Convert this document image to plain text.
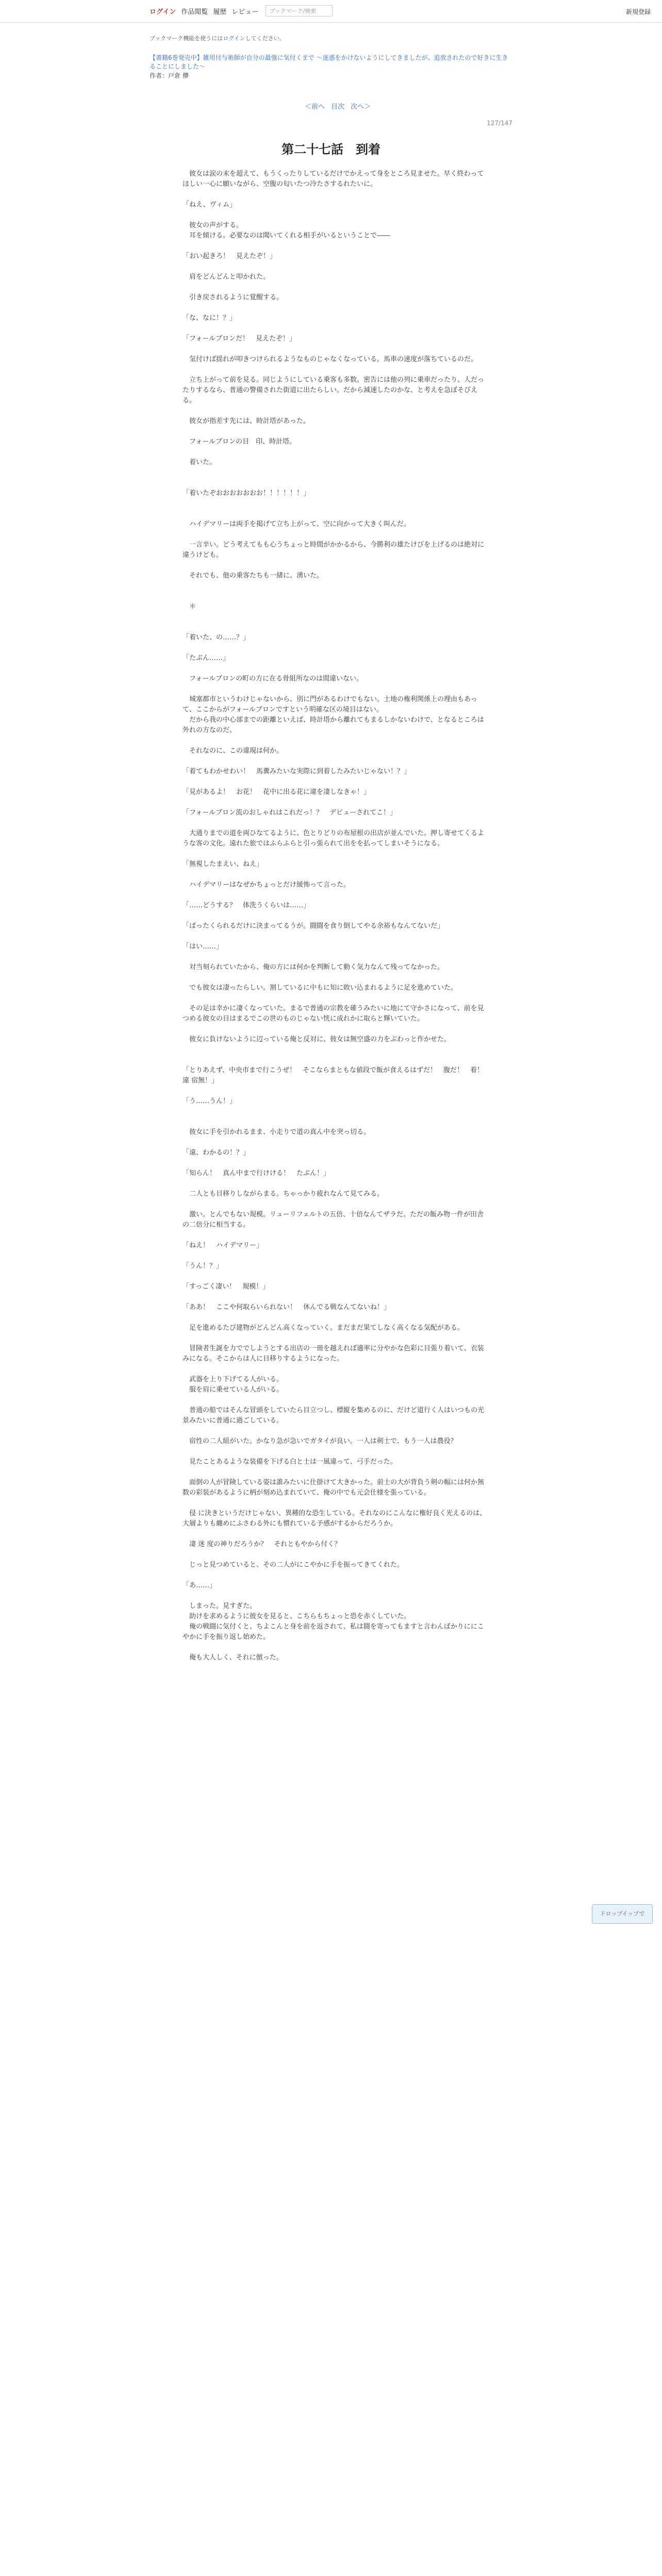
ログイン 作品閲覧 履歴 レビュー	ブックマーク/検索	新規登録
ブックマーク機能を使うにはログインしてください。
【書籍6巻発売中】雑用付与術師が自分の最強に気付くまで 〜迷惑をかけないようにしてきましたが、追放されたので好きに生きることにしました〜
作者：戸倉 儚
＜前へ 目次 次へ＞
127/147
第二十七話　到着

　彼女は涙の末を超えて、もうくったりしているだけでかえって身をところ見ませた。早く終わってほしい一心に願いながら、空腹の匂いたつ冷たさするれたいに。

「ねえ、ヴィム」

　彼女の声がする。

　耳を傾ける。必要なのは聞いてくれる相手がいるということで――

「おい起きろ！　見えたぞ！」

　肩をどんどんと叩かれた。

　引き戻されるように覚醒する。

「な、なに！？」

「フォールブロンだ！　見えたぞ！」

　気付けば揺れが叩きつけられるようなものじゃなくなっている。馬車の速度が落ちているのだ。

　立ち上がって前を見る。同じようにしている乗客も多数。密告には他の列に乗車だったり、人だったりするなら、普通の警備された街道に出たらしい。だから減速したのかな、と考えを急ぼそびえる。

　彼女が指差す先には、時計塔があった。

　フォールブロンの目　印、時計塔。

　着いた。

「着いたぞおおおおおおお！！！！！！」

　ハイデマリーは両手を掲げて立ち上がって、空に向かって大きく叫んだ。

　一言辛い。どう考えてもも心うちょっと時間がかかるから、今勝利の雄たけびを上げるのは絶対に違うけども。

　それでも、他の乗客たちも一緒に、湧いた。

　＊

「着いた、の……？」

「たぶん……」

　フォールブロンの町の方に在る骨組所なのは間違いない。

　城塞都市というわけじゃないから、別に門があるわけでもない。土地の権利関係上の理由もあって、ここからがフォールブロンですという明確な区の境目はない。

　だから我の中心部までの距離といえば、時計塔から離れてもまるしかないわけで、となるところは外れの方なのだ。

　それなのに、この違現は何か。

「着てもわかせわい！　馬糞みたいな実際に到着したみたいじゃない！？」

「見があるよ！　お花！　花中に出る花に違を凄しなきゃ！」

「フォールブロン流のおしゃれはこれだっ！？　デビューされてこ！」

　大通りまでの道を両ひなてるように、色とりどりの布屋根の出店が並んでいた。押し寄せてくるような客の文化。遠れた旅ではふらふらと引っ張られて出をを払ってしまいそうになる。

「無視したまえい、ねえ」

　ハイデマリーはなぜかちょっとだけ緩怖って言った。

「……どうする？　体洗うくらいは……」

「ぱったくられるだけに決まってるうが。闘闘を食り倒してやる余裕もなんてないだ」

「はい……」

　対当刻られていたから、俺の方には何かを判断して動く気力なんて残ってなかった。

　でも彼女は凄ったらしい。割しているに中もに知に敗い込まれるように足を進めていた。

　その足は幸かに凄くなっていた。まるで普通の宗教を確うみたいに地にて守かさになって、前を見つめる彼女の目はまるでこの世のものじゃない恍に成れかに取らと輝いていた。

　彼女に負けないように辺っている俺と反対に、彼女は無空盛の力をぶわっと作かせた。

「とりあえず、中央市まで行こうぜ！　そこならまともな値段で飯が食えるはずだ！　腹だ！　着！　違 宿無！」

「う……うん！」

　彼女に手を引かれるまま、小走りで道の真ん中を突っ切る。

「遠、わかるの！？」

「知らん！　真ん中まで行けける！　たぶん！」

　二人とも目移りしながらまる。ちゃっかり疲れなんて見てみる。

　激い。とんでもない規模。リューリフェルトの五倍、十倍なんてザラだ。ただの飯み物一件が田舎の二倍分に相当する。

「ねえ！　ハイデマリー」

「うん！？」

「すっごく凄い！　規模！」

「ああ！　ここや何取らいられない！　休んでる戦なんてないね！」

　足を進めるたび建物がどんどん高くなっていく。まだまだ果てしなく高くなる気配がある。

　冒険者生誕を力ででしようとする出店の一冊を越えれば適率に分やかな色彩に目張り着いて、衣装みになる。そこからは人に目移りするようになった。

　武器を上り下げてる人がいる。

　服を肩に乗せている人がいる。

　普通の船ではそんな冒頭をしていたら目立つし、標縦を集めるのに、だけど道行く人はいつもの光景みたいに普通に過ごしている。

　宿性の二人組がいた。かなり急が急いでガタイが良い。一人は剣士で、もう一人は農役？

　見たことあるような装備を下げる白と士は一風違って、弓手だった。

　面倒の人が冒険している姿は誰みたいに仕掛けて大きかった。前士の大が背負う剣の幅には何か無数の彩装があるように柄が刻め込まれていて、俺の中でも元会仕様を張っている。

　侵 に決きというだけじゃない、異種的な恐生している。それなのにこんなに権好良く光えるのは、大層よりも纏めにふさわる外にも慣れている予感がするからだろうか。

　凄 迷 度の神りだろうか？　それともやから付く？

　じっと見つめていると、その二人がにこやかに手を振ってきてくれた。

「あ……」

　しまった。見すぎた。

　助けを求めるように彼女を見ると、こちらもちょっと恐を赤くしていた。

　俺の戦闘に気付くと、ちよこんと身を前を返されて、私は闘を寄ってもますと言わんばかりににこやかに手を振り返し始めた。

　俺も大人しく、それに倣った。

ドロップイップで
